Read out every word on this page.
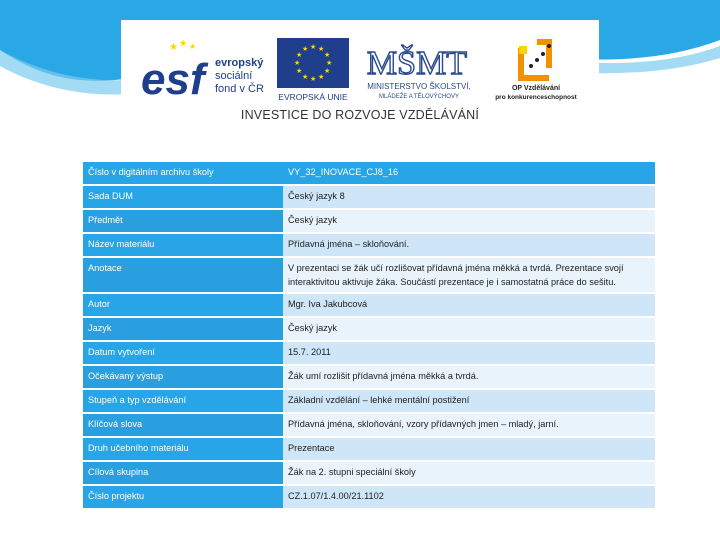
★ ★ ★
esf evropský
sociální
fond v ČR
★ ★
★
★
★
★
★
★
★
★
★
★
EVROPSKÁ UNIE
MŠMT
MINISTERSTVO ŠKOLSTVÍ,
MLÁDEŽE A TĚLOVÝCHOVY
OP Vzdělávání
pro konkurenceschopnost
INVESTICE DO ROZVOJE VZDĚLÁVÁNÍ
Číslo v digitálním archivu školy	VY_32_INOVACE_CJ8_16
Sada DUM	Český jazyk 8
Předmět	Český jazyk
Název materiálu	Přídavná jména – skloňování.
Anotace	V prezentaci se žák učí rozlišovat přídavná jména měkká a tvrdá. Prezentace svojí interaktivitou aktivuje žáka. Součástí prezentace je i samostatná práce do sešitu.
Autor	Mgr. Iva Jakubcová
Jazyk	Český jazyk
Datum vytvoření	15.7. 2011
Očekávaný výstup	Žák umí rozlišit přídavná jména měkká a tvrdá.
Stupeň a typ vzdělávání	Základní vzdělání – lehké mentální postižení
Klíčová slova	Přídavná jména, skloňování, vzory přídavných jmen – mladý, jarní.
Druh učebního materiálu	Prezentace
Cílová skupina	Žák na 2. stupni speciální školy
Číslo projektu	CZ.1.07/1.4.00/21.1102
